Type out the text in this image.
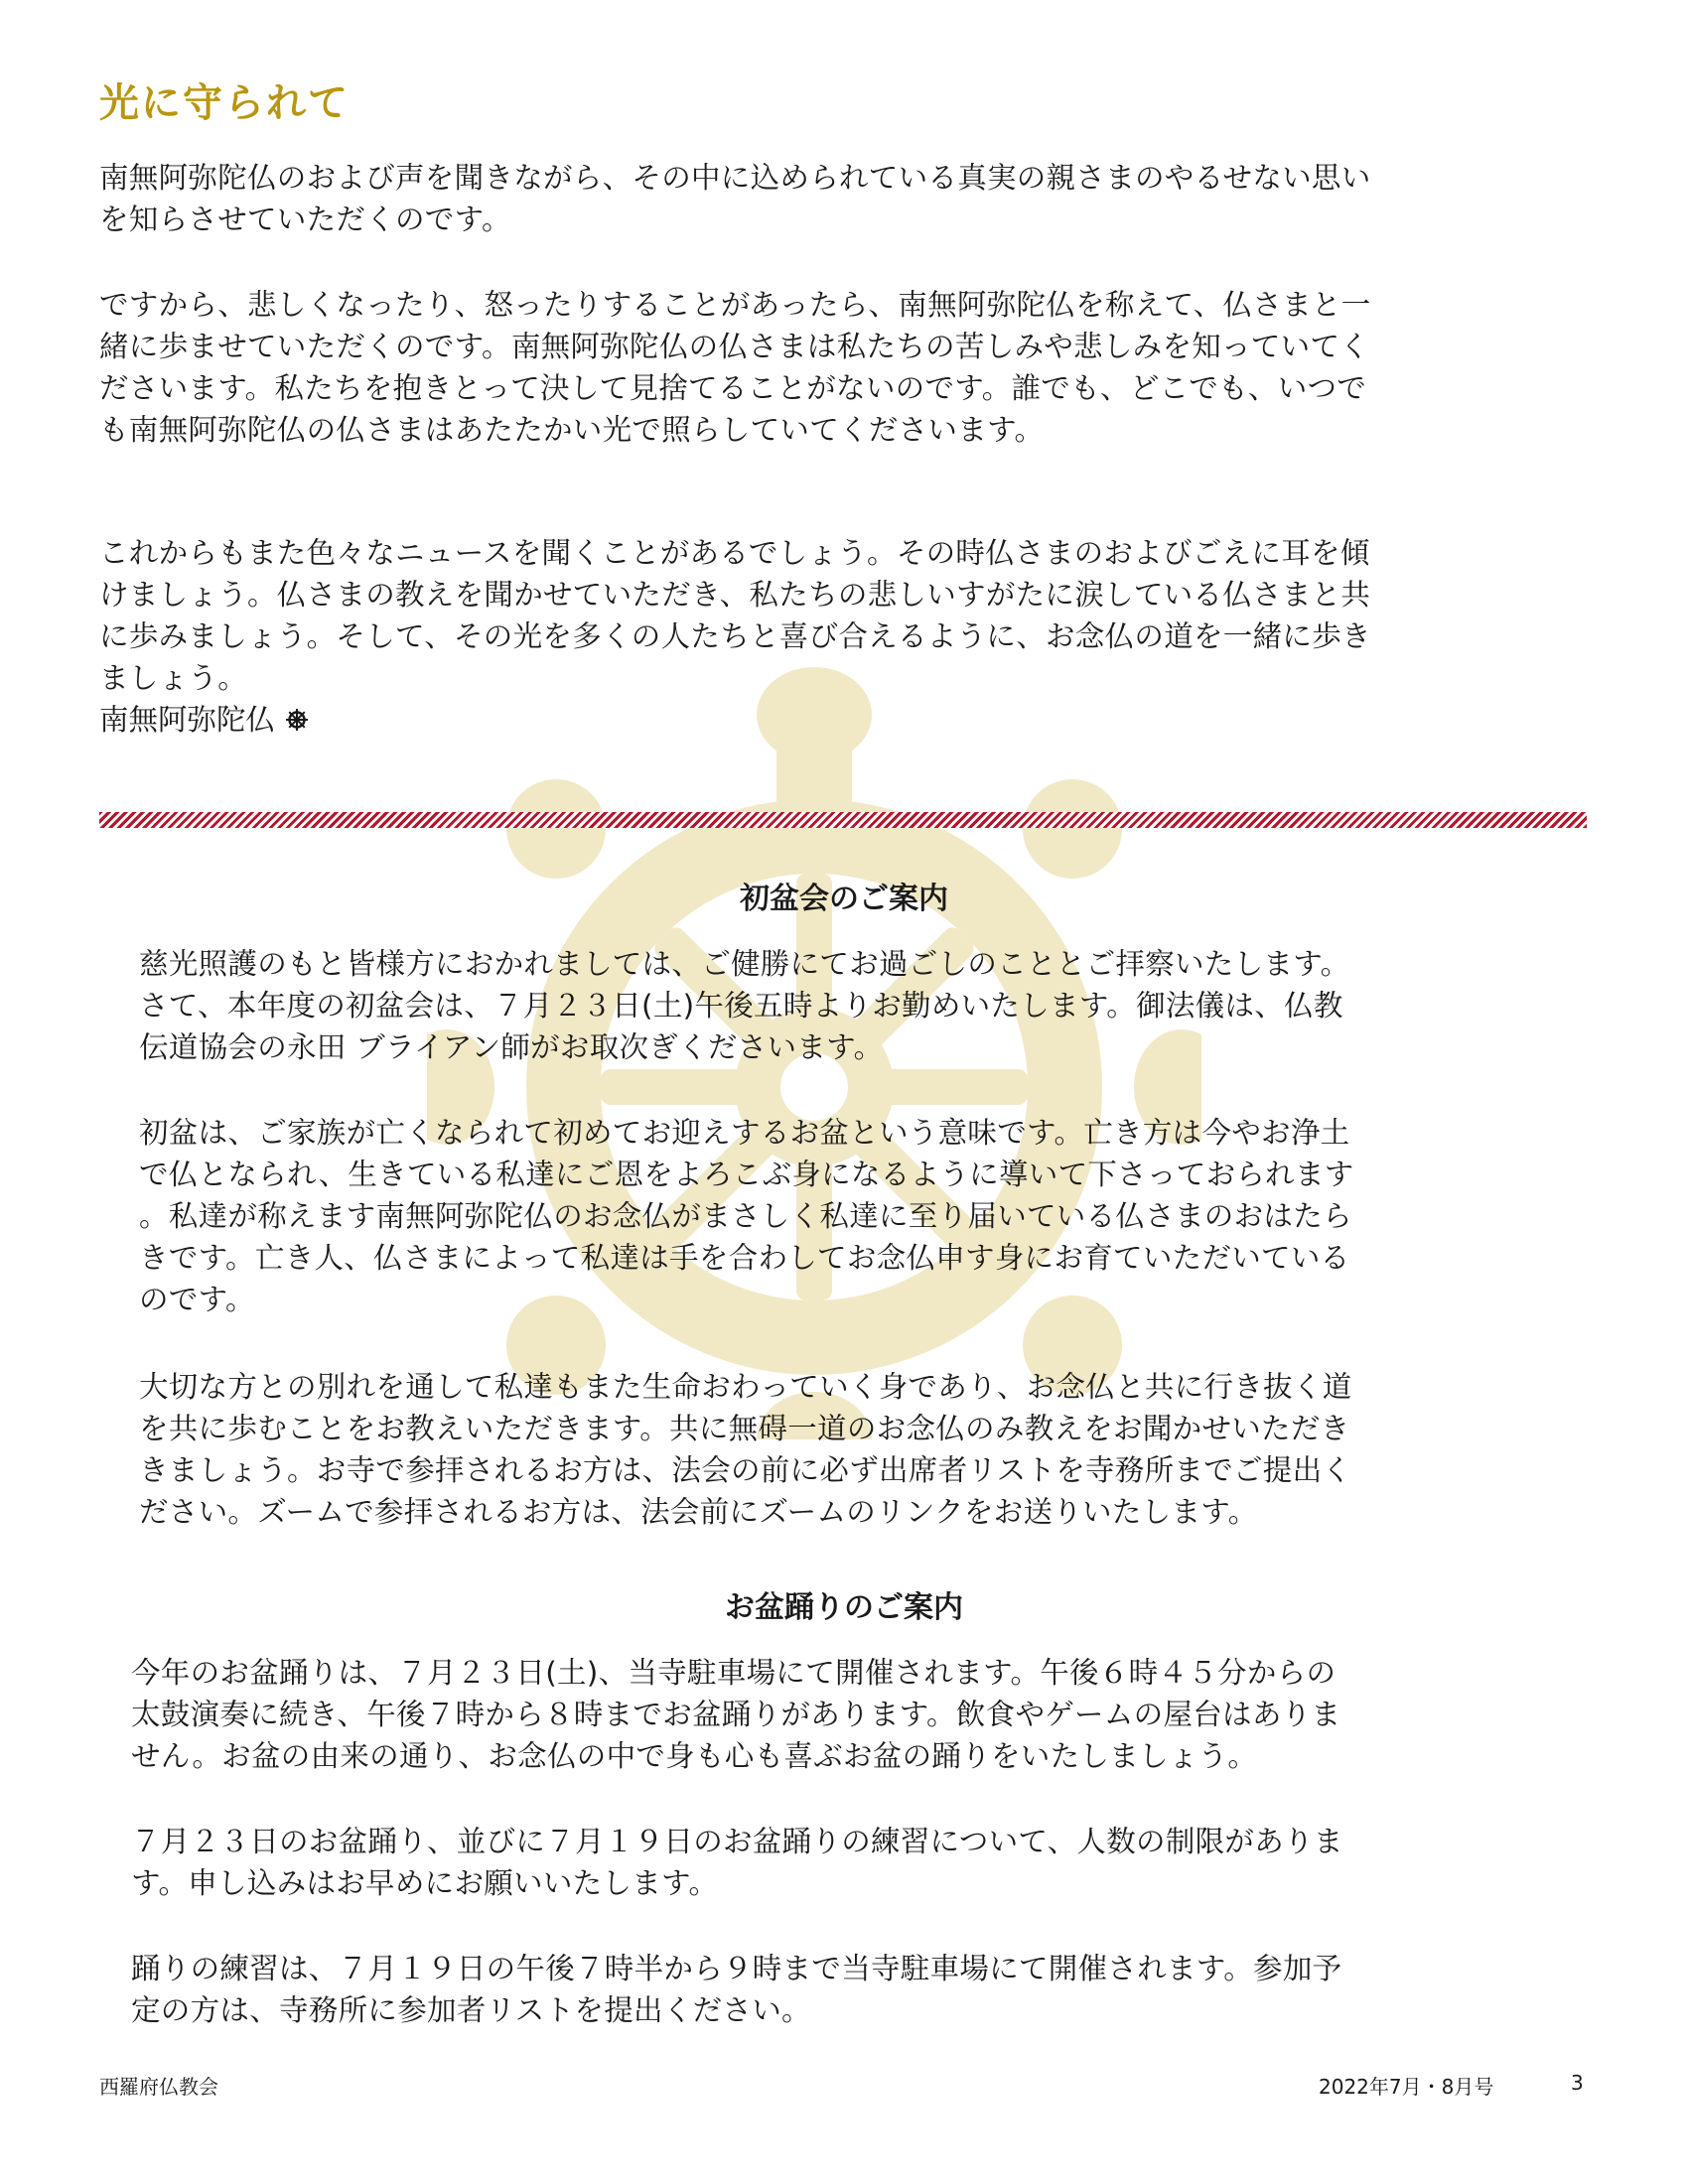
光に守られて

南無阿弥陀仏のおよび声を聞きながら、その中に込められている真実の親さまのやるせない思い
を知らさせていただくのです。

ですから、悲しくなったり、怒ったりすることがあったら、南無阿弥陀仏を称えて、仏さまと一
緒に歩ませていただくのです。南無阿弥陀仏の仏さまは私たちの苦しみや悲しみを知っていてく
ださいます。私たちを抱きとって決して見捨てることがないのです。誰でも、どこでも、いつで
も南無阿弥陀仏の仏さまはあたたかい光で照らしていてくださいます。

これからもまた色々なニュースを聞くことがあるでしょう。その時仏さまのおよびごえに耳を傾
けましょう。仏さまの教えを聞かせていただき、私たちの悲しいすがたに涙している仏さまと共
に歩みましょう。そして、その光を多くの人たちと喜び合えるように、お念仏の道を一緒に歩き
ましょう。

南無阿弥陀仏

初盆会のご案内

慈光照護のもと皆様方におかれましては、ご健勝にてお過ごしのこととご拝察いたします。
さて、本年度の初盆会は、７月２３日(土)午後五時よりお勤めいたします。御法儀は、仏教
伝道協会の永田 ブライアン師がお取次ぎくださいます。

初盆は、ご家族が亡くなられて初めてお迎えするお盆という意味です。亡き方は今やお浄土
で仏となられ、生きている私達にご恩をよろこぶ身になるように導いて下さっておられます
。私達が称えます南無阿弥陀仏のお念仏がまさしく私達に至り届いている仏さまのおはたら
きです。亡き人、仏さまによって私達は手を合わしてお念仏申す身にお育ていただいている
のです。

大切な方との別れを通して私達もまた生命おわっていく身であり、お念仏と共に行き抜く道
を共に歩むことをお教えいただきます。共に無碍一道のお念仏のみ教えをお聞かせいただき
きましょう。お寺で参拝されるお方は、法会の前に必ず出席者リストを寺務所までご提出く
ださい。ズームで参拝されるお方は、法会前にズームのリンクをお送りいたします。

お盆踊りのご案内

今年のお盆踊りは、７月２３日(土)、当寺駐車場にて開催されます。午後６時４５分からの
太鼓演奏に続き、午後７時から８時までお盆踊りがあります。飲食やゲームの屋台はありま
せん。お盆の由来の通り、お念仏の中で身も心も喜ぶお盆の踊りをいたしましょう。

７月２３日のお盆踊り、並びに７月１９日のお盆踊りの練習について、人数の制限がありま
す。申し込みはお早めにお願いいたします。

踊りの練習は、７月１９日の午後７時半から９時まで当寺駐車場にて開催されます。参加予
定の方は、寺務所に参加者リストを提出ください。

西羅府仏教会	2022年7月・8月号	3
